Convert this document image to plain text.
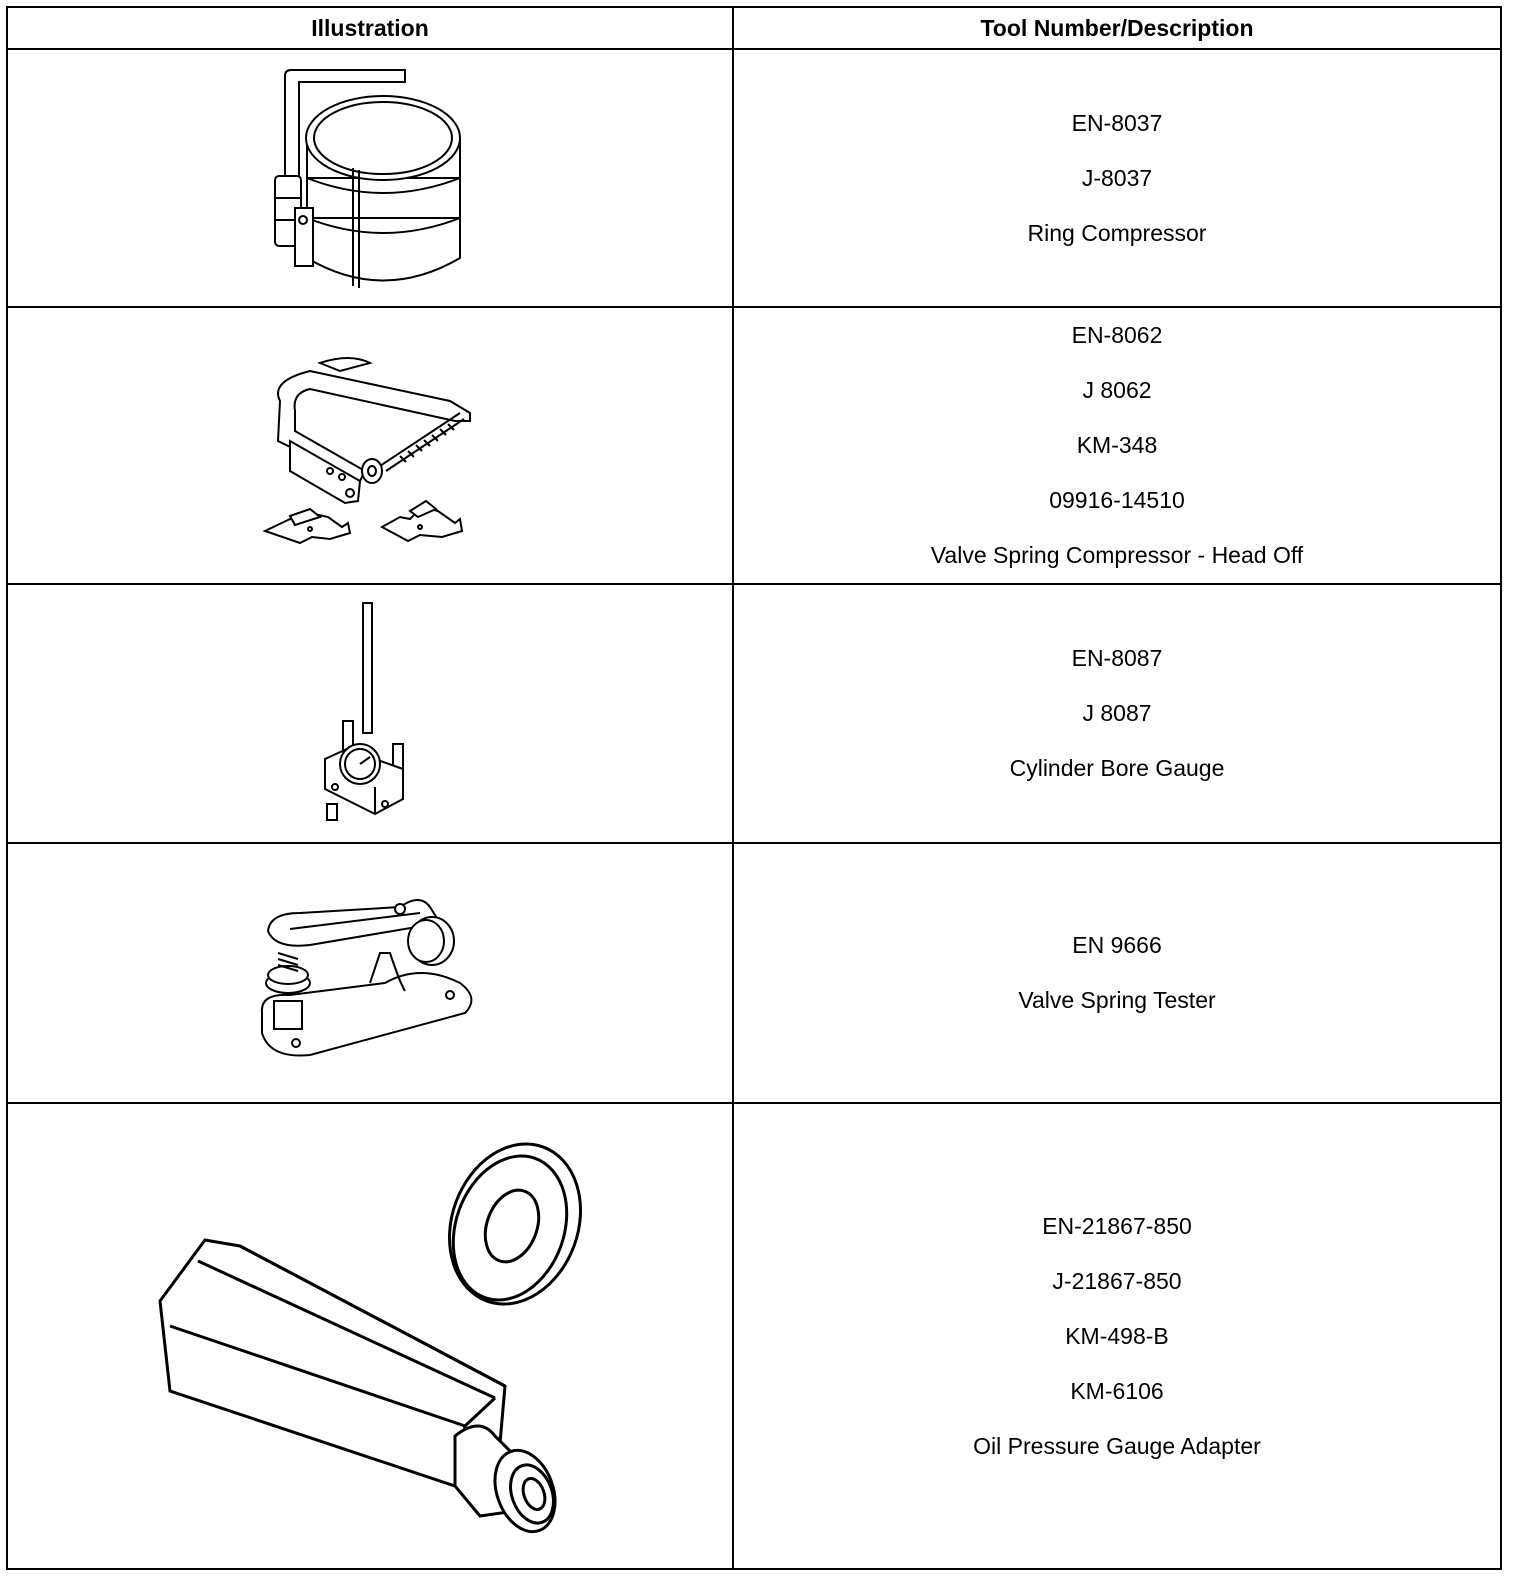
Illustration	Tool Number/Description

EN-8037
J-8037
Ring Compressor

EN-8062
J 8062
KM-348
09916-14510
Valve Spring Compressor - Head Off

EN-8087
J 8087
Cylinder Bore Gauge

EN 9666
Valve Spring Tester

EN-21867-850
J-21867-850
KM-498-B
KM-6106
Oil Pressure Gauge Adapter
